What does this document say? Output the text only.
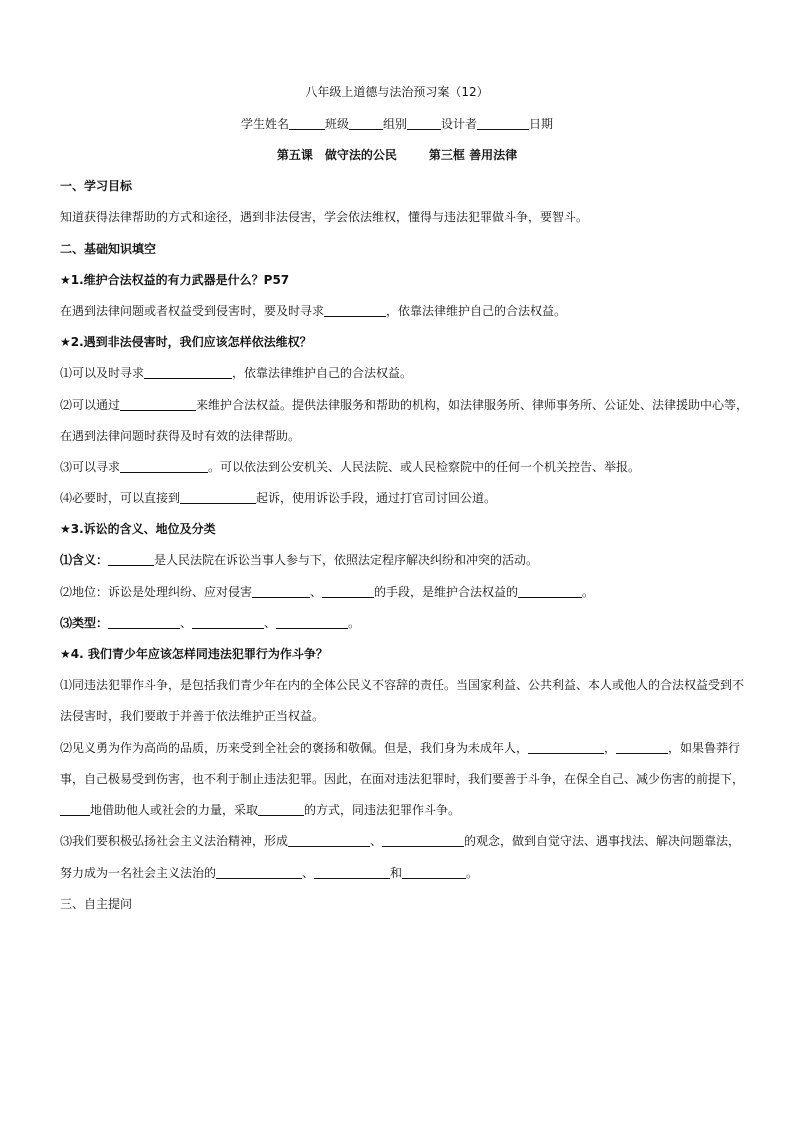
八年级上道德与法治预习案（12）
学生姓名	班级	组别	设计者	日期
第五课　做守法的公民	第三框 善用法律
一、学习目标
知道获得法律帮助的方式和途径，遇到非法侵害，学会依法维权，懂得与违法犯罪做斗争，要智斗。
二、基础知识填空
★1.维护合法权益的有力武器是什么？P57
在遇到法律问题或者权益受到侵害时，要及时寻求	，依靠法律维护自己的合法权益。
★2.遇到非法侵害时，我们应该怎样依法维权？
⑴可以及时寻求	，依靠法律维护自己的合法权益。
⑵可以通过	来维护合法权益。提供法律服务和帮助的机构，如法律服务所、律师事务所、公证处、法律援助中心等，
在遇到法律问题时获得及时有效的法律帮助。
⑶可以寻求	。可以依法到公安机关、人民法院、或人民检察院中的任何一个机关控告、举报。
⑷必要时，可以直接到	起诉，使用诉讼手段，通过打官司讨回公道。
★3.诉讼的含义、地位及分类
⑴含义：	是人民法院在诉讼当事人参与下，依照法定程序解决纠纷和冲突的活动。
⑵地位：诉讼是处理纠纷、应对侵害	、	的手段，是维护合法权益的	。
⑶类型：	、	、	。
★4. 我们青少年应该怎样同违法犯罪行为作斗争？
⑴同违法犯罪作斗争，是包括我们青少年在内的全体公民义不容辞的责任。当国家利益、公共利益、本人或他人的合法权益受到不
法侵害时，我们要敢于并善于依法维护正当权益。
⑵见义勇为作为高尚的品质，历来受到全社会的褒扬和敬佩。但是，我们身为未成年人，	，	，如果鲁莽行
事，自己极易受到伤害，也不利于制止违法犯罪。因此，在面对违法犯罪时，我们要善于斗争，在保全自己、减少伤害的前提下，
地借助他人或社会的力量，采取	的方式，同违法犯罪作斗争。
⑶我们要积极弘扬社会主义法治精神，形成	、	的观念，做到自觉守法、遇事找法、解决问题靠法，
努力成为一名社会主义法治的	、	和	。
三、自主提问
